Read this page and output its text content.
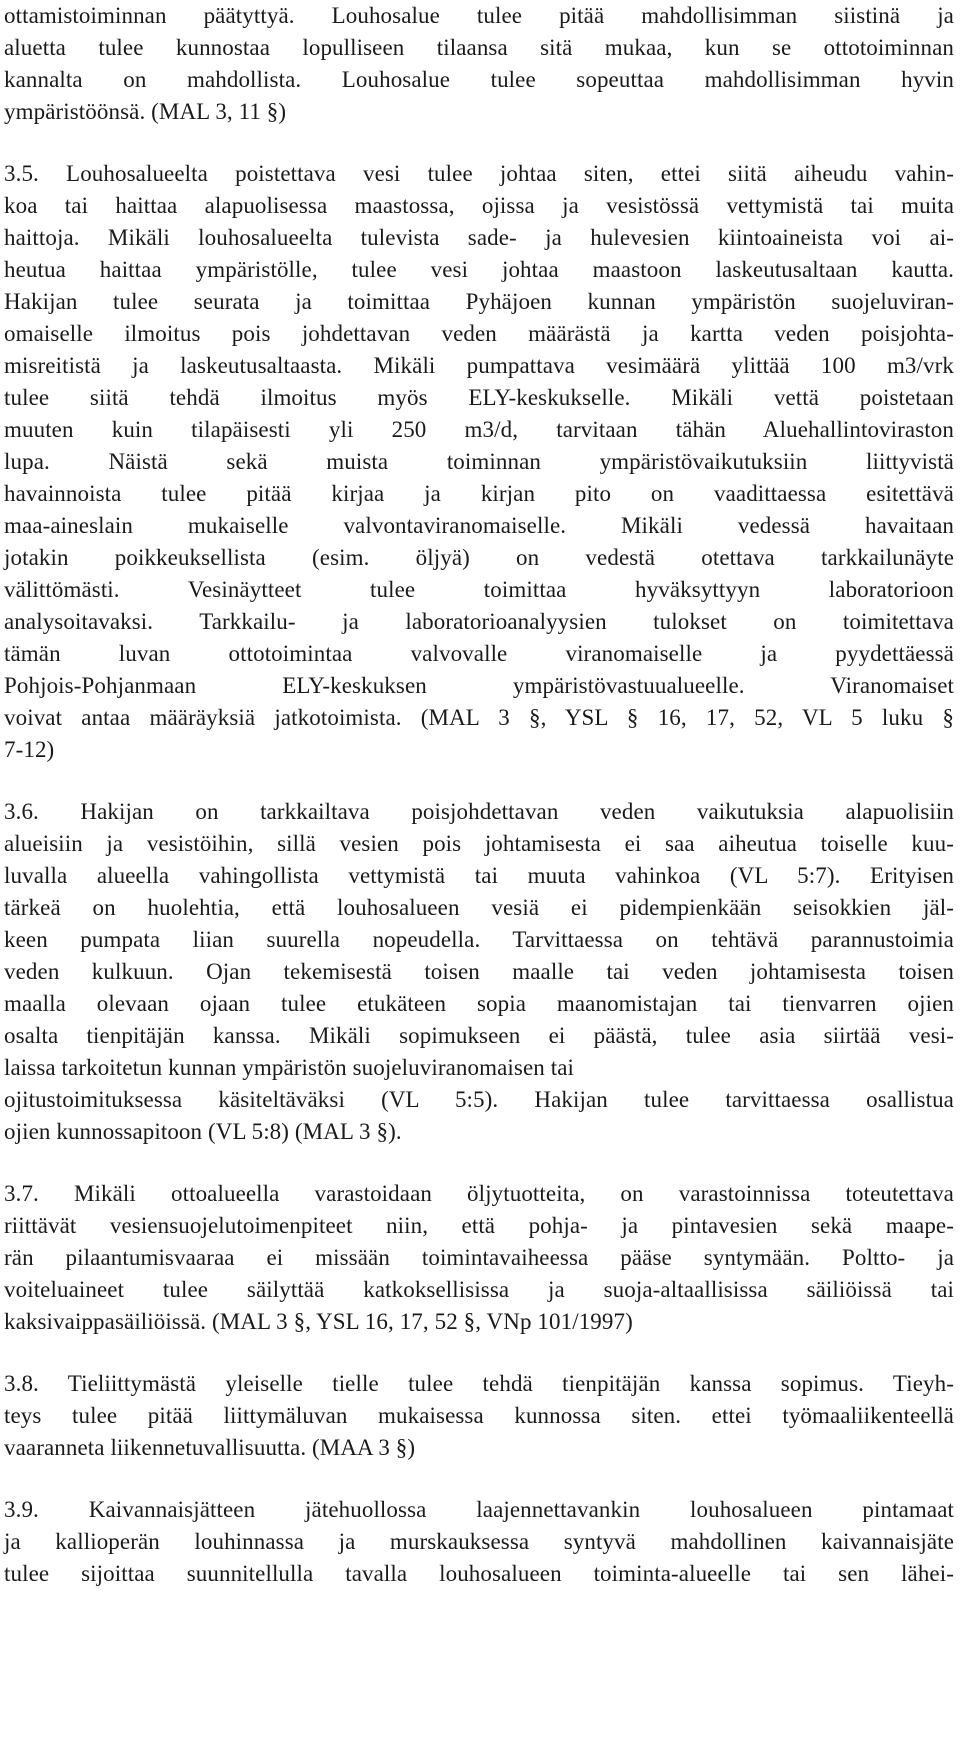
ottamistoiminnan päätyttyä. Louhosalue tulee pitää mahdollisimman siistinä ja
aluetta tulee kunnostaa lopulliseen tilaansa sitä mukaa, kun se ottotoiminnan
kannalta on mahdollista. Louhosalue tulee sopeuttaa mahdollisimman hyvin
ympäristöönsä. (MAL 3, 11 §)
3.5. Louhosalueelta poistettava vesi tulee johtaa siten, ettei siitä aiheudu vahin-
koa tai haittaa alapuolisessa maastossa, ojissa ja vesistössä vettymistä tai muita
haittoja. Mikäli louhosalueelta tulevista sade- ja hulevesien kiintoaineista voi ai-
heutua haittaa ympäristölle, tulee vesi johtaa maastoon laskeutusaltaan kautta.
Hakijan tulee seurata ja toimittaa Pyhäjoen kunnan ympäristön suojeluviran-
omaiselle ilmoitus pois johdettavan veden määrästä ja kartta veden poisjohta-
misreitistä ja laskeutusaltaasta. Mikäli pumpattava vesimäärä ylittää 100 m3/vrk
tulee siitä tehdä ilmoitus myös ELY-keskukselle. Mikäli vettä poistetaan
muuten kuin tilapäisesti yli 250 m3/d, tarvitaan tähän Aluehallintoviraston
lupa. Näistä sekä muista toiminnan ympäristövaikutuksiin liittyvistä
havainnoista tulee pitää kirjaa ja kirjan pito on vaadittaessa esitettävä
maa-aineslain mukaiselle valvontaviranomaiselle. Mikäli vedessä havaitaan
jotakin poikkeuksellista (esim. öljyä) on vedestä otettava tarkkailunäyte
välittömästi. Vesinäytteet tulee toimittaa hyväksyttyyn laboratorioon
analysoitavaksi. Tarkkailu- ja laboratorioanalyysien tulokset on toimitettava
tämän luvan ottotoimintaa valvovalle viranomaiselle ja pyydettäessä
Pohjois-Pohjanmaan ELY-keskuksen ympäristövastuualueelle. Viranomaiset
voivat antaa määräyksiä jatkotoimista. (MAL 3 §, YSL § 16, 17, 52, VL 5 luku §
7-12)
3.6. Hakijan on tarkkailtava poisjohdettavan veden vaikutuksia alapuolisiin
alueisiin ja vesistöihin, sillä vesien pois johtamisesta ei saa aiheutua toiselle kuu-
luvalla alueella vahingollista vettymistä tai muuta vahinkoa (VL 5:7). Erityisen
tärkeä on huolehtia, että louhosalueen vesiä ei pidempienkään seisokkien jäl-
keen pumpata liian suurella nopeudella. Tarvittaessa on tehtävä parannustoimia
veden kulkuun. Ojan tekemisestä toisen maalle tai veden johtamisesta toisen
maalla olevaan ojaan tulee etukäteen sopia maanomistajan tai tienvarren ojien
osalta tienpitäjän kanssa. Mikäli sopimukseen ei päästä, tulee asia siirtää vesi-
laissa tarkoitetun kunnan ympäristön suojeluviranomaisen tai
ojitustoimituksessa käsiteltäväksi (VL 5:5). Hakijan tulee tarvittaessa osallistua
ojien kunnossapitoon (VL 5:8) (MAL 3 §).
3.7. Mikäli ottoalueella varastoidaan öljytuotteita, on varastoinnissa toteutettava
riittävät vesiensuojelutoimenpiteet niin, että pohja- ja pintavesien sekä maape-
rän pilaantumisvaaraa ei missään toimintavaiheessa pääse syntymään. Poltto- ja
voiteluaineet tulee säilyttää katkoksellisissa ja suoja-altaallisissa säiliöissä tai
kaksivaippasäiliöissä. (MAL 3 §, YSL 16, 17, 52 §, VNp 101/1997)
3.8. Tieliittymästä yleiselle tielle tulee tehdä tienpitäjän kanssa sopimus. Tieyh-
teys tulee pitää liittymäluvan mukaisessa kunnossa siten. ettei työmaaliikenteellä
vaaranneta liikennetuvallisuutta. (MAA 3 §)
3.9. Kaivannaisjätteen jätehuollossa laajennettavankin louhosalueen pintamaat
ja kallioperän louhinnassa ja murskauksessa syntyvä mahdollinen kaivannaisjäte
tulee sijoittaa suunnitellulla tavalla louhosalueen toiminta-alueelle tai sen lähei-
